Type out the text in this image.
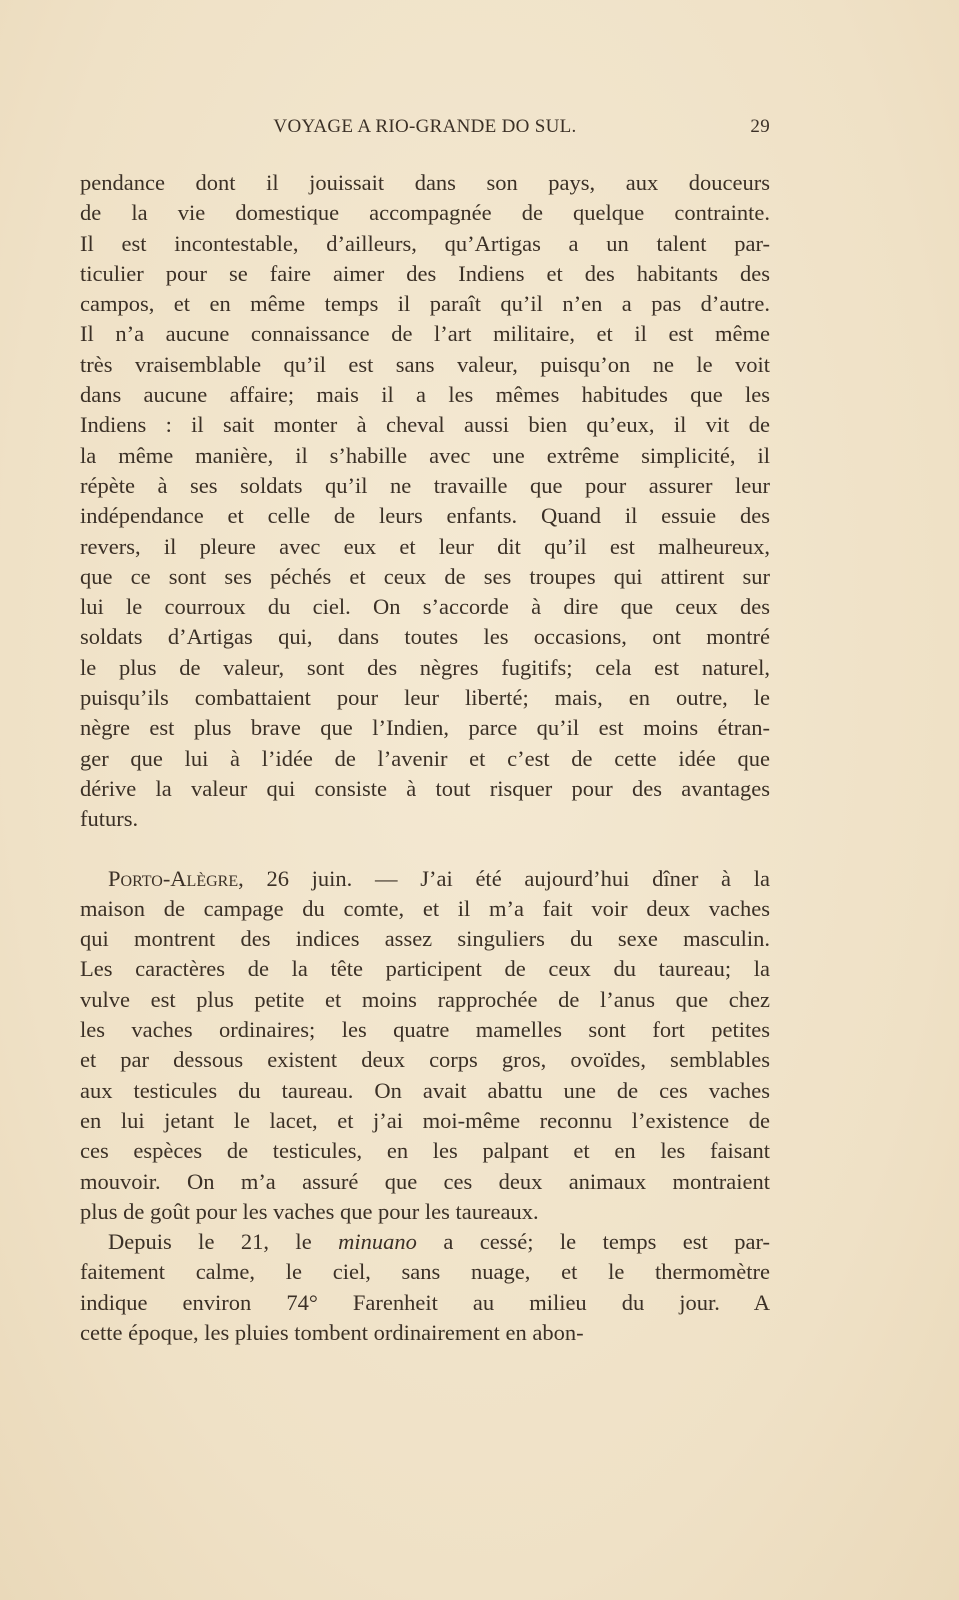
VOYAGE A RIO-GRANDE DO SUL.	29
pendance dont il jouissait dans son pays, aux douceurs
de la vie domestique accompagnée de quelque contrainte.
Il est incontestable, d’ailleurs, qu’Artigas a un talent par-
ticulier pour se faire aimer des Indiens et des habitants des
campos, et en même temps il paraît qu’il n’en a pas d’autre.
Il n’a aucune connaissance de l’art militaire, et il est même
très vraisemblable qu’il est sans valeur, puisqu’on ne le voit
dans aucune affaire; mais il a les mêmes habitudes que les
Indiens : il sait monter à cheval aussi bien qu’eux, il vit de
la même manière, il s’habille avec une extrême simplicité, il
répète à ses soldats qu’il ne travaille que pour assurer leur
indépendance et celle de leurs enfants. Quand il essuie des
revers, il pleure avec eux et leur dit qu’il est malheureux,
que ce sont ses péchés et ceux de ses troupes qui attirent sur
lui le courroux du ciel. On s’accorde à dire que ceux des
soldats d’Artigas qui, dans toutes les occasions, ont montré
le plus de valeur, sont des nègres fugitifs; cela est naturel,
puisqu’ils combattaient pour leur liberté; mais, en outre, le
nègre est plus brave que l’Indien, parce qu’il est moins étran-
ger que lui à l’idée de l’avenir et c’est de cette idée que
dérive la valeur qui consiste à tout risquer pour des avantages
futurs.
Porto-Alègre, 26 juin. — J’ai été aujourd’hui dîner à la
maison de campage du comte, et il m’a fait voir deux vaches
qui montrent des indices assez singuliers du sexe masculin.
Les caractères de la tête participent de ceux du taureau; la
vulve est plus petite et moins rapprochée de l’anus que chez
les vaches ordinaires; les quatre mamelles sont fort petites
et par dessous existent deux corps gros, ovoïdes, semblables
aux testicules du taureau. On avait abattu une de ces vaches
en lui jetant le lacet, et j’ai moi-même reconnu l’existence de
ces espèces de testicules, en les palpant et en les faisant
mouvoir. On m’a assuré que ces deux animaux montraient
plus de goût pour les vaches que pour les taureaux.
Depuis le 21, le minuano a cessé; le temps est par-
faitement calme, le ciel, sans nuage, et le thermomètre
indique environ 74° Farenheit au milieu du jour. A
cette époque, les pluies tombent ordinairement en abon-
